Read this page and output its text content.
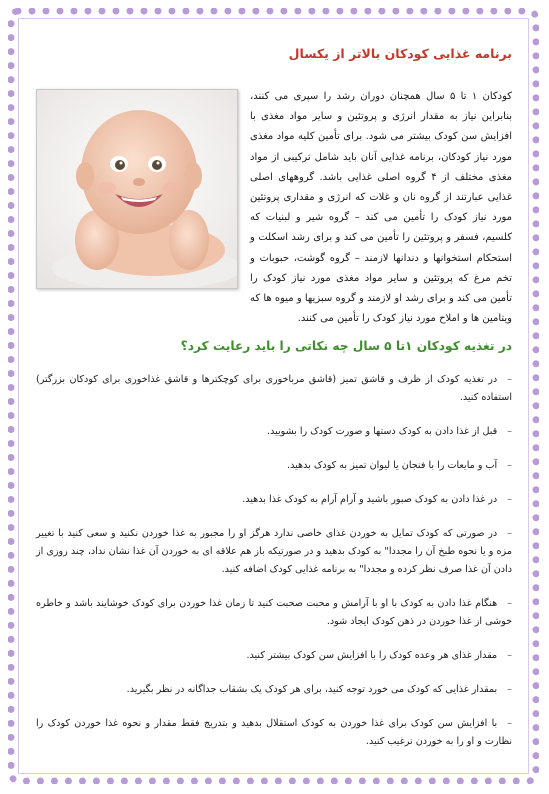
برنامه غذایی کودکان بالاتر از یکسال

کودکان ۱ تا ۵ سال همچنان دوران رشد را سپری می کنند، بنابراین نیاز به مقدار انرژی و پروتئین و سایر مواد مغذی با افزایش سن کودک بیشتر می شود. برای تأمین کلیه مواد مغذی مورد نیاز کودکان، برنامه غذایی آنان باید شامل ترکیبی از مواد مغذی مختلف از ۴ گروه اصلی غذایی باشد. گروههای اصلی غذایی عبارتند از گروه نان و غلات که انرژی و مقداری پروتئین مورد نیاز کودک را تأمین می کند – گروه شیر و لبنیات که کلسیم، فسفر و پروتئین را تأمین می کند و برای رشد اسکلت و استحکام استخوانها و دندانها لازمند – گروه گوشت، حبوبات و تخم مرغ که پروتئین و سایر مواد مغذی مورد نیاز کودک را تأمین می کند و برای رشد او لازمند و گروه سبزیها و میوه ها که ویتامین ها و املاح مورد نیاز کودک را تأمین می کنند.

در تغذیه کودکان ۱تا ۵ سال چه نکاتی را باید رعایت کرد؟
–در تغذیه کودک از ظرف و قاشق تمیز (قاشق مرباخوری برای کوچکترها و قاشق غذاخوری برای کودکان بزرگتر) استفاده کنید.
–قبل از غذا دادن به کودک دستها و صورت کودک را بشویید.
–آب و مایعات را با فنجان یا لیوان تمیز به کودک بدهید.
–در غذا دادن به کودک صبور باشید و آرام آرام به کودک غذا بدهید.
–در صورتی که کودک تمایل به خوردن غذای خاصی ندارد هرگز او را مجبور به غذا خوردن نکنید و سعی کنید با تغییر مزه و یا نحوه طبخ آن را مجددا" به کودک بدهید و در صورتیکه باز هم علاقه ای به خوردن آن غذا نشان نداد، چند روزی از دادن آن غذا صرف نظر کرده و مجددا" به برنامه غذایی کودک اضافه کنید.
–هنگام غذا دادن به کودک با او با آرامش و محبت صحبت کنید تا زمان غذا خوردن برای کودک خوشایند باشد و خاطره خوشی از غذا خوردن در ذهن کودک ایجاد شود.
–مقدار غذای هر وعده کودک را با افزایش سن کودک بیشتر کنید.
–بمقدار غذایی که کودک می خورد توجه کنید، برای هر کودک یک بشقاب جداگانه در نظر بگیرید.
–با افزایش سن کودک برای غذا خوردن به کودک استقلال بدهید و بتدریج فقط مقدار و نحوه غذا خوردن کودک را نظارت و او را به خوردن ترغیب کنید.
